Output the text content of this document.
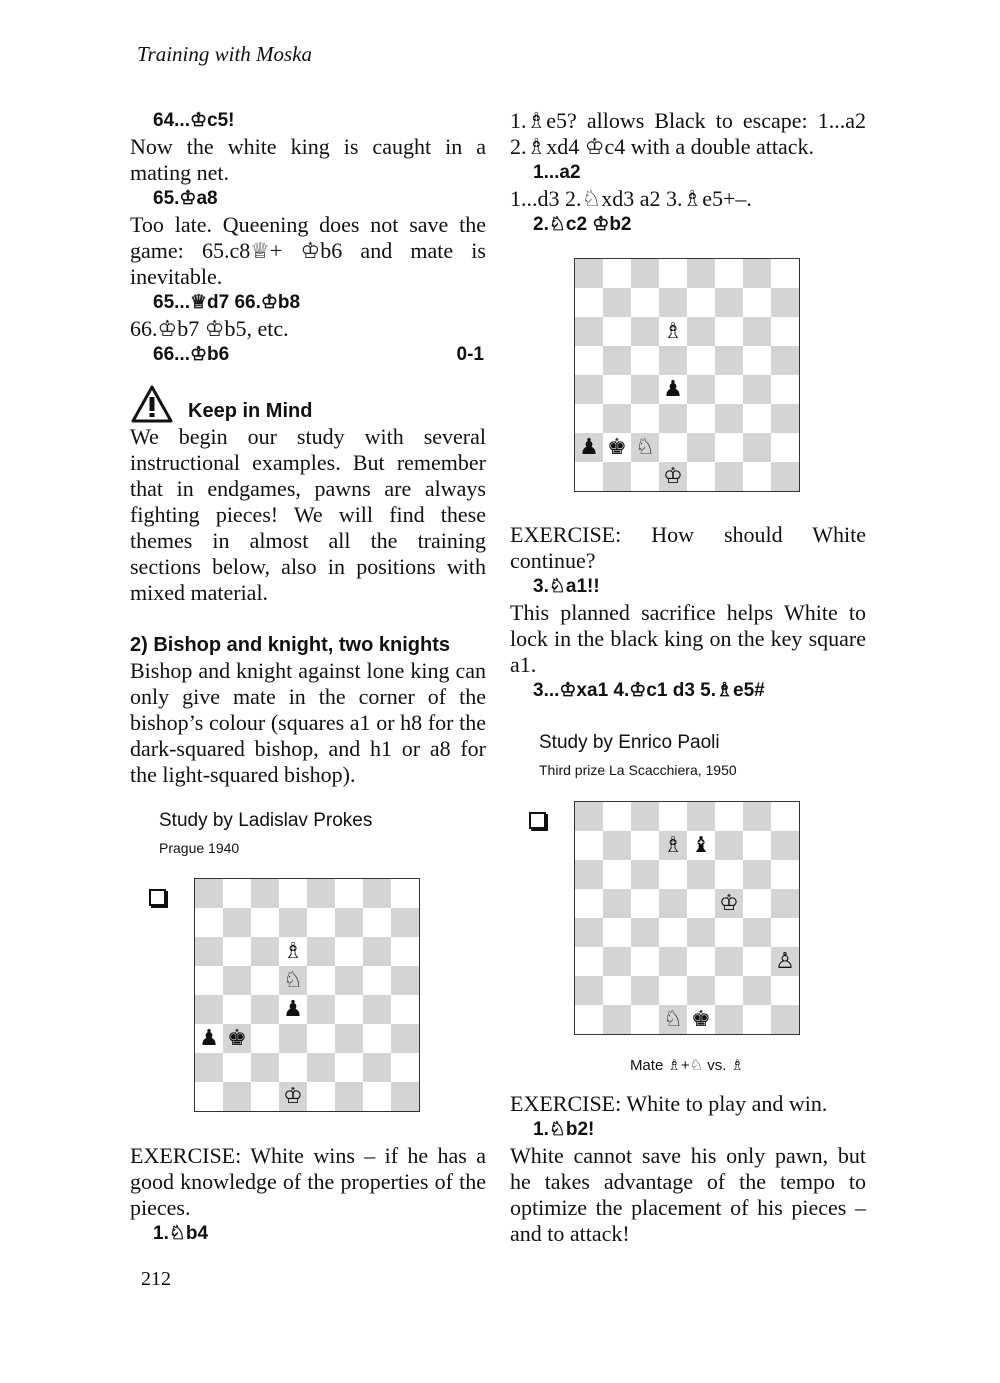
Training with Moska
64...♔c5!

Now the white king is caught in a mating net.

65.♔a8

Too late. Queening does not save the game: 65.c8♕+ ♔b6 and mate is inevitable.

65...♕d7 66.♔b8

66.♔b7 ♔b5, etc.

66...♔b6	0-1
Keep in Mind

We begin our study with several instructional examples. But remember that in endgames, pawns are always fighting pieces! We will find these themes in almost all the training sections below, also in positions with mixed material.

2) Bishop and knight, two knights

Bishop and knight against lone king can only give mate in the corner of the bishop’s colour (squares a1 or h8 for the dark-squared bishop, and h1 or a8 for the light-squared bishop).

Study by Ladislav Prokes
Prague 1940
♗
♘
♟
♟ ♚
♔

EXERCISE: White wins – if he has a good knowledge of the properties of the pieces.

1.♘b4

1.♗e5? allows Black to escape: 1...a2 2.♗xd4 ♔c4 with a double attack.

1...a2

1...d3 2.♘xd3 a2 3.♗e5+–.

2.♘c2 ♔b2
♗
♟
♟ ♚ ♘
♔

EXERCISE: How should White continue?

3.♘a1!!

This planned sacrifice helps White to lock in the black king on the key square a1.

3...♔xa1 4.♔c1 d3 5.♗e5#
Study by Enrico Paoli
Third prize La Scacchiera, 1950
♗ ♝
♔
♙
♘ ♚
Mate ♗+♘ vs. ♗

EXERCISE: White to play and win.

1.♘b2!

White cannot save his only pawn, but he takes advantage of the tempo to optimize the placement of his pieces – and to attack!

212
